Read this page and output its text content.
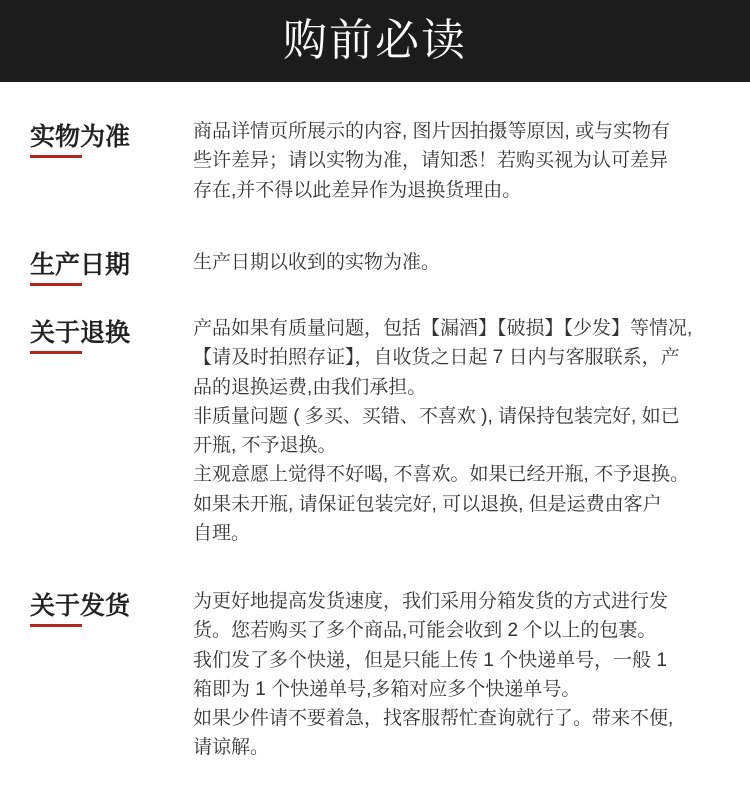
购前必读
实物为准	商品详情页所展示的内容, 图片因拍摄等原因, 或与实物有
些许差异；请以实物为准，请知悉！若购买视为认可差异
存在,并不得以此差异作为退换货理由。
生产日期	生产日期以收到的实物为准。
关于退换	产品如果有质量问题，包括【漏酒】【破损】【少发】等情况,
【请及时拍照存证】，自收货之日起 7 日内与客服联系，产
品的退换运费,由我们承担。
非质量问题 ( 多买、买错、不喜欢 ), 请保持包装完好, 如已
开瓶, 不予退换。
主观意愿上觉得不好喝, 不喜欢。如果已经开瓶, 不予退换。
如果未开瓶, 请保证包装完好, 可以退换, 但是运费由客户
自理。
关于发货	为更好地提高发货速度，我们采用分箱发货的方式进行发
货。您若购买了多个商品,可能会收到 2 个以上的包裹。
我们发了多个快递，但是只能上传 1 个快递单号，一般 1
箱即为 1 个快递单号,多箱对应多个快递单号。
如果少件请不要着急，找客服帮忙查询就行了。带来不便,
请谅解。
